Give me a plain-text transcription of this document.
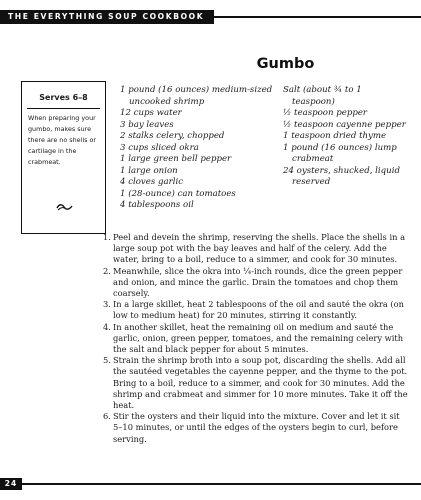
THE EVERYTHING SOUP COOKBOOK
Gumbo
Serves 6–8
When preparing your gumbo, makes sure there are no shells or cartilage in the crabmeat.
1 pound (16 ounces) medium-sized uncooked shrimp
12 cups water
3 bay leaves
2 stalks celery, chopped
3 cups sliced okra
1 large green bell pepper
1 large onion
4 cloves garlic
1 (28-ounce) can tomatoes
4 tablespoons oil
Salt (about ¾ to 1 teaspoon)
½ teaspoon pepper
½ teaspoon cayenne pepper
1 teaspoon dried thyme
1 pound (16 ounces) lump crabmeat
24 oysters, shucked, liquid reserved
1. Peel and devein the shrimp, reserving the shells. Place the shells in a large soup pot with the bay leaves and half of the celery. Add the water, bring to a boil, reduce to a simmer, and cook for 30 minutes.
2. Meanwhile, slice the okra into ¼-inch rounds, dice the green pepper and onion, and mince the garlic. Drain the tomatoes and chop them coarsely.
3. In a large skillet, heat 2 tablespoons of the oil and sauté the okra (on low to medium heat) for 20 minutes, stirring it constantly.
4. In another skillet, heat the remaining oil on medium and sauté the garlic, onion, green pepper, tomatoes, and the remaining celery with the salt and black pepper for about 5 minutes.
5. Strain the shrimp broth into a soup pot, discarding the shells. Add all the sautéed vegetables the cayenne pepper, and the thyme to the pot. Bring to a boil, reduce to a simmer, and cook for 30 minutes. Add the shrimp and crabmeat and simmer for 10 more minutes. Take it off the heat.
6. Stir the oysters and their liquid into the mixture. Cover and let it sit 5–10 minutes, or until the edges of the oysters begin to curl, before serving.
24
